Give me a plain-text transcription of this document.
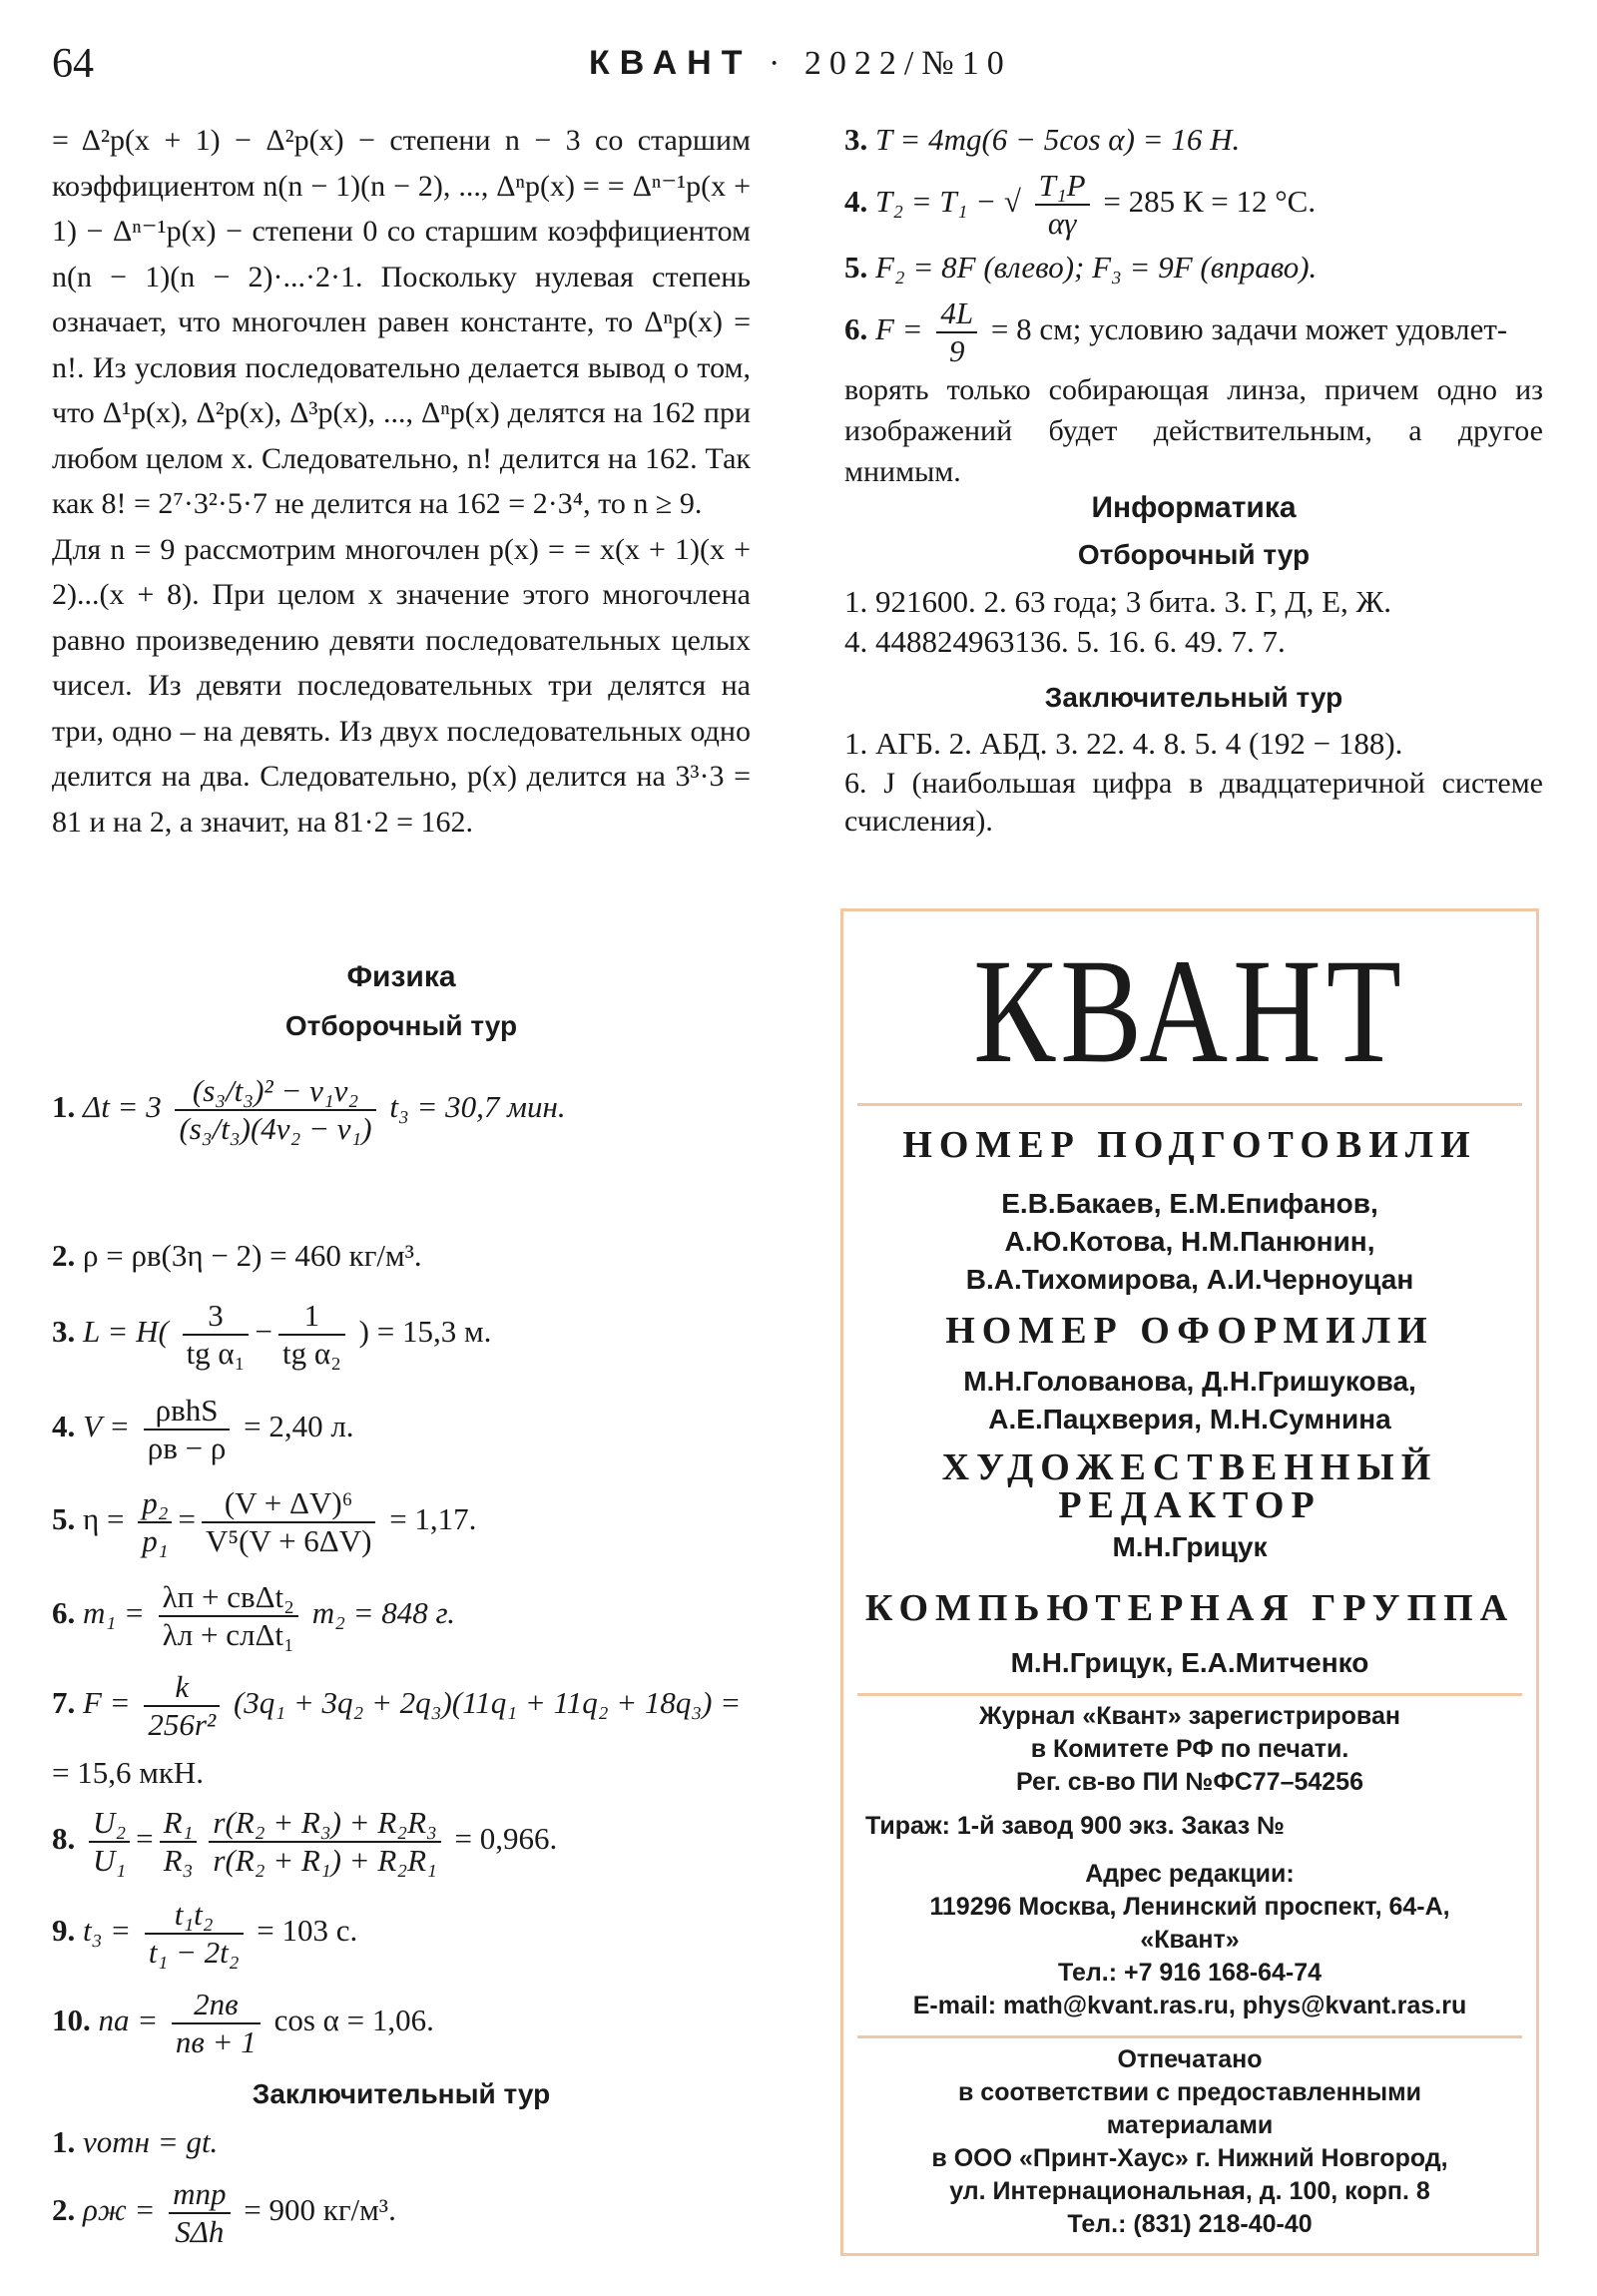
64	КВАНТ · 2022/№10

= Δ²p(x + 1) − Δ²p(x) − степени n − 3 со старшим коэффициентом n(n − 1)(n − 2), ..., Δⁿp(x) = = Δⁿ⁻¹p(x + 1) − Δⁿ⁻¹p(x) − степени 0 со старшим коэффициентом n(n − 1)(n − 2)·...·2·1. Поскольку нулевая степень означает, что многочлен равен константе, то Δⁿp(x) = n!. Из условия последовательно делается вывод о том, что Δ¹p(x), Δ²p(x), Δ³p(x), ..., Δⁿp(x) делятся на 162 при любом целом x. Следовательно, n! делится на 162. Так как 8! = 2⁷·3²·5·7 не делится на 162 = 2·3⁴, то n ≥ 9.

Для n = 9 рассмотрим многочлен p(x) = = x(x + 1)(x + 2)...(x + 8). При целом x значение этого многочлена равно произведению девяти последовательных целых чисел. Из девяти последовательных три делятся на три, одно – на девять. Из двух последовательных одно делится на два. Следовательно, p(x) делится на 3³·3 = 81 и на 2, а значит, на 81·2 = 162.

Физика
Отборочный тур
1. $\Delta t = 3 \frac{\text{(s₃/t₃)² − v₁v₂}}{\text{(s₃/t₃)(4v₂ − v₁)}} t_3 = 30,7$ мин.
2. ρ = ρв(3η − 2) = 460 кг/м³.
3. $L = H( \frac{3}{\text{tg α₁}} - \frac{1}{\text{tg α₂}}$ ) = 15,3 м.
4. V = ρвhS
ρв − ρ
= 2,40 л.
5. $\eta = \frac{\text{p₂}}{\text{p₁}} = \frac{\text{(V + ΔV)⁶}}{\text{V⁵(V + 6ΔV)}} = 1,17$.
6. m₁ = λп + cвΔt₂
λл + cлΔt₁
m₂ = 848 г.
7. $F = \frac{k}{\text{256r²}} (3q_1 + 3q_2 + 2q_3)(11q_1 + 11q_2 + 18q_3)$ =
= 15,6 мкН.
8. $\frac{\text{U₂}}{\text{U₁}} = \frac{\text{R₁}}{\text{R₃}} \frac{\text{r(R₂ + R₃) + R₂R₃}}{\text{r(R₂ + R₁) + R₂R₁}} = 0,966$.
9. $t_3 = \frac{\text{t₁t₂}}{\text{t₁ − 2t₂}} = 103$ с.
10. nа =	2nв
nв + 1
cos α = 1,06.
Заключительный тур
1. vотн = gt.
2. ρж = mпр
SΔh
= 900 кг/м³.
3. T = 4mg(6 − 5cos α) = 16 Н.
4. T₂ = T₁ − √ $\frac{\text{T₁P}}{\alpha\gamma} = 285$ К = 12 °С.
5. F₂ = 8F (влево); F₃ = 9F (вправо).
6. $F = \frac{4L}{9} = 8$ см; условию задачи может удовлет-

ворять только собирающая линза, причем одно из изображений будет действительным, а другое мнимым.

Информатика
Отборочный тур
1. 921600. 2. 63 года; 3 бита. 3. Г, Д, Е, Ж.
4. 448824963136. 5. 16. 6. 49. 7. 7.
Заключительный тур
1. АГБ. 2. АБД. 3. 22. 4. 8. 5. 4 (192 − 188).

6. J (наибольшая цифра в двадцатеричной системе счисления).

КВАНТ
НОМЕР ПОДГОТОВИЛИ
Е.В.Бакаев, Е.М.Епифанов,
А.Ю.Котова, Н.М.Панюнин,
В.А.Тихомирова, А.И.Черноуцан
НОМЕР ОФОРМИЛИ
М.Н.Голованова, Д.Н.Гришукова,
А.Е.Пацхверия, М.Н.Сумнина
ХУДОЖЕСТВЕННЫЙ
РЕДАКТОР
М.Н.Грицук
КОМПЬЮТЕРНАЯ ГРУППА
М.Н.Грицук, Е.А.Митченко
Журнал «Квант» зарегистрирован
в Комитете РФ по печати.
Рег. св-во ПИ №ФС77–54256
Тираж: 1-й завод 900 экз. Заказ №
Адрес редакции:
119296 Москва, Ленинский проспект, 64-А,
«Квант»
Тел.: +7 916 168-64-74
E-mail: math@kvant.ras.ru, phys@kvant.ras.ru
Отпечатано
в соответствии с предоставленными
материалами
в ООО «Принт-Хаус» г. Нижний Новгород,
ул. Интернациональная, д. 100, корп. 8
Тел.: (831) 218-40-40
